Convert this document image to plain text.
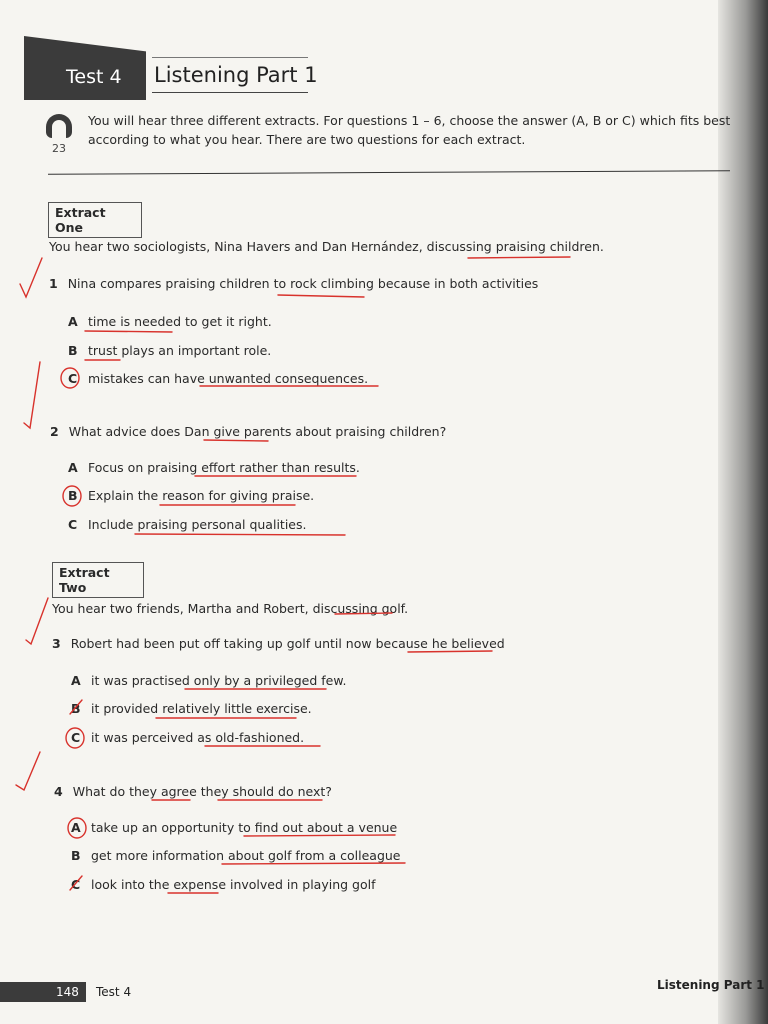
Test 4 Listening Part 1
23
You will hear three different extracts. For questions 1 – 6, choose the answer (A, B or C) which fits best according to what you hear. There are two questions for each extract.
Extract One
You hear two sociologists, Nina Havers and Dan Hernández, discussing praising children.
1 Nina compares praising children to rock climbing because in both activities
A time is needed to get it right.
B trust plays an important role.
C mistakes can have unwanted consequences.
2 What advice does Dan give parents about praising children?
A Focus on praising effort rather than results.
B Explain the reason for giving praise.
C Include praising personal qualities.
Extract Two
You hear two friends, Martha and Robert, discussing golf.
3 Robert had been put off taking up golf until now because he believed
A it was practised only by a privileged few.
B it provided relatively little exercise.
C it was perceived as old-fashioned.
4 What do they agree they should do next?
A take up an opportunity to find out about a venue
B get more information about golf from a colleague
C look into the expense involved in playing golf
148 Test 4	Listening Part 1
